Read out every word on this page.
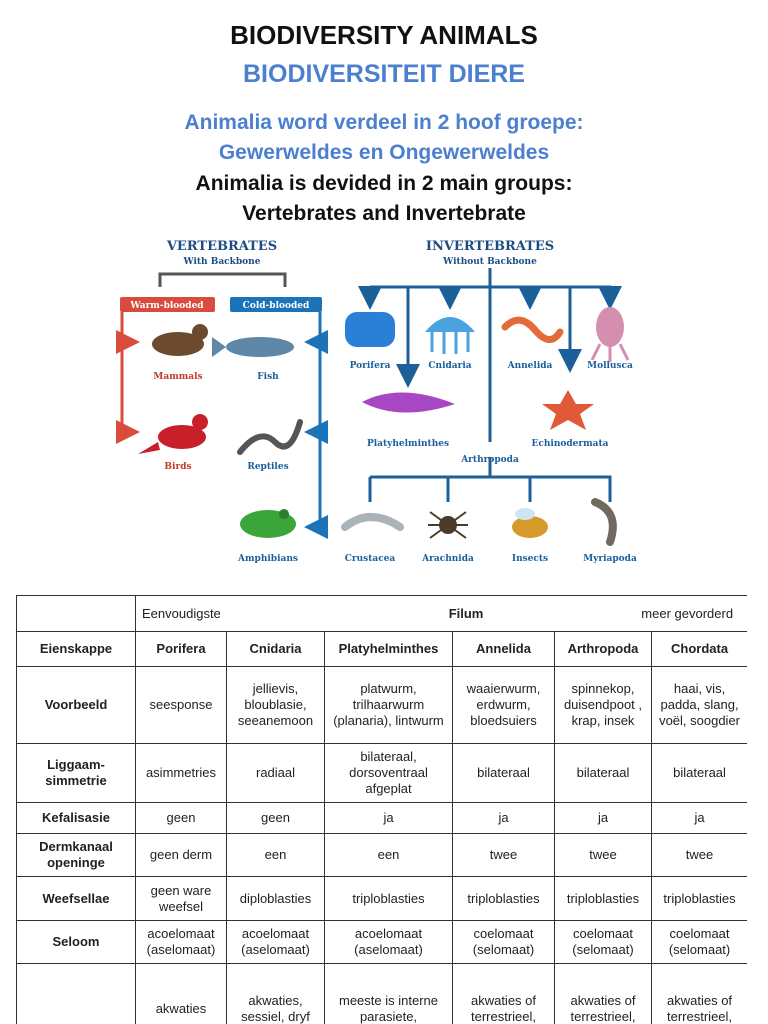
BIODIVERSITY ANIMALS
BIODIVERSITEIT DIERE
Animalia word verdeel in 2 hoof groepe:
Gewerweldes en Ongewerweldes
Animalia is devided in 2 main groups:
Vertebrates and Invertebrate
VERTEBRATES
With Backbone
Warm-blooded	Cold-blooded
Mammals	Fish
Birds	Reptiles
Amphibians
INVERTEBRATES
Without Backbone
Porifera	Cnidaria	Annelida	Mollusca
Platyhelminthes	Echinodermata
Arthropoda
Crustacea	Arachnida	Insects	Myriapoda

	Eenvoudigste Filum meer gevorderd					

Eienskappe	Porifera	Cnidaria	Platyhelminthes	Annelida	Arthropoda	Chordata
Voorbeeld	seesponse	jellievis, bloublasie, seeanemoon	platwurm, trilhaarwurm (planaria), lintwurm	waaierwurm, erdwurm, bloedsuiers	spinnekop, duisendpoot , krap, insek	haai, vis, padda, slang, voël, soogdier
Liggaam-simmetrie	asimmetries	radiaal	bilateraal, dorsoventraal afgeplat	bilateraal	bilateraal	bilateraal
Kefalisasie	geen	geen	ja	ja	ja	ja
Dermkanaal openinge	geen derm	een	een	twee	twee	twee
Weefsellae	geen ware weefsel	diploblasties	triploblasties	triploblasties	triploblasties	triploblasties
Seloom	acoelomaat (aselomaat)	acoelomaat (aselomaat)	acoelomaat (aselomaat)	coelomaat (selomaat)	coelomaat (selomaat)	coelomaat (selomaat)
	akwaties	akwaties, sessiel, dryf	meeste is interne parasiete,	akwaties of terrestrieel,	akwaties of terrestrieel,	akwaties of terrestrieel,
